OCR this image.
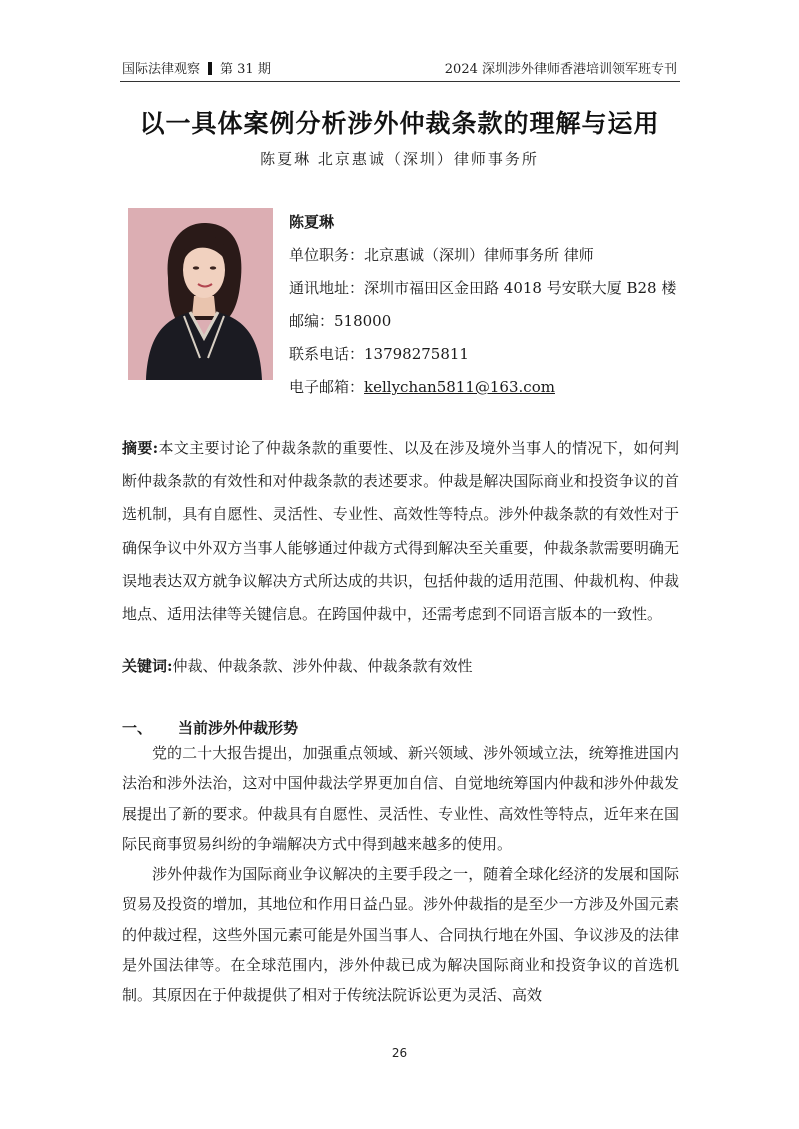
国际法律观察 第 31 期	2024 深圳涉外律师香港培训领军班专刊
以一具体案例分析涉外仲裁条款的理解与运用
陈夏琳 北京惠诚（深圳）律师事务所
陈夏琳
单位职务：北京惠诚（深圳）律师事务所 律师
通讯地址：深圳市福田区金田路 4018 号安联大厦 B28 楼
邮编：518000
联系电话：13798275811
电子邮箱：kellychan5811@163.com
摘要:本文主要讨论了仲裁条款的重要性、以及在涉及境外当事人的情况下，如何判断仲裁条款的有效性和对仲裁条款的表述要求。仲裁是解决国际商业和投资争议的首选机制，具有自愿性、灵活性、专业性、高效性等特点。涉外仲裁条款的有效性对于确保争议中外双方当事人能够通过仲裁方式得到解决至关重要，仲裁条款需要明确无误地表达双方就争议解决方式所达成的共识，包括仲裁的适用范围、仲裁机构、仲裁地点、适用法律等关键信息。在跨国仲裁中，还需考虑到不同语言版本的一致性。
关键词:仲裁、仲裁条款、涉外仲裁、仲裁条款有效性
一、 当前涉外仲裁形势

党的二十大报告提出，加强重点领域、新兴领域、涉外领域立法，统筹推进国内法治和涉外法治，这对中国仲裁法学界更加自信、自觉地统筹国内仲裁和涉外仲裁发展提出了新的要求。仲裁具有自愿性、灵活性、专业性、高效性等特点，近年来在国际民商事贸易纠纷的争端解决方式中得到越来越多的使用。

涉外仲裁作为国际商业争议解决的主要手段之一，随着全球化经济的发展和国际贸易及投资的增加，其地位和作用日益凸显。涉外仲裁指的是至少一方涉及外国元素的仲裁过程，这些外国元素可能是外国当事人、合同执行地在外国、争议涉及的法律是外国法律等。在全球范围内，涉外仲裁已成为解决国际商业和投资争议的首选机制。其原因在于仲裁提供了相对于传统法院诉讼更为灵活、高效

26
